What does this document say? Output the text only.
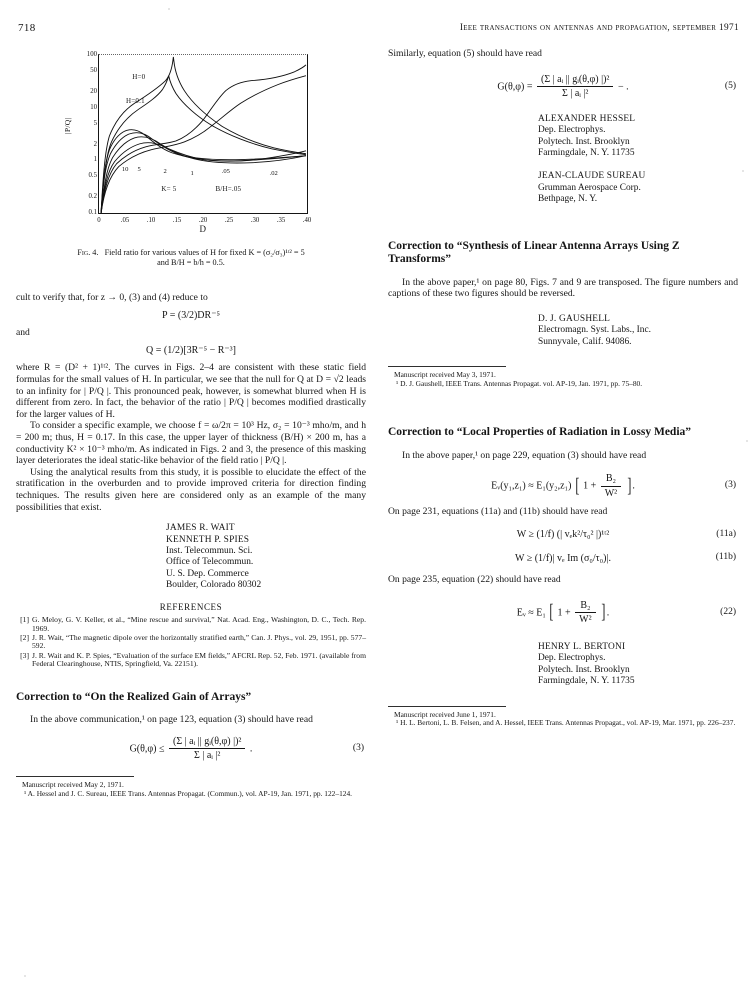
718	ieee transactions on antennas and propagation, september 1971
100
50
20
10
5
2
1
0.5
0.2
0.1
0	.05	.10	.15	.20	.25	.30	.35	.40
H=0
H=0.1
K= 5	B/H=.05
10 5	2	1	.05	.02
D
|P/Q|
Fig. 4. Field ratio for various values of H for fixed K = (σ₂/σ₃)¹ᵗ² = 5
and B/H = b/h = 0.5.

cult to verify that, for z → 0, (3) and (4) reduce to

P = (3/2)DR⁻⁵

and

Q = (1/2)[3R⁻⁵ − R⁻³]

where R = (D² + 1)¹ᵗ². The curves in Figs. 2–4 are consistent with these static field formulas for the small values of H. In particular, we see that the null for Q at D = √2 leads to an infinity for | P/Q |. This pronounced peak, however, is somewhat blurred when H is different from zero. In fact, the behavior of the ratio | P/Q | becomes modified drastically for the larger values of H.

To consider a specific example, we choose f = ω/2π = 10³ Hz, σ₂ = 10⁻³ mho/m, and h = 200 m; thus, H = 0.17. In this case, the upper layer of thickness (B/H) × 200 m, has a conductivity K² × 10⁻³ mho/m. As indicated in Figs. 2 and 3, the presence of this masking layer deteriorates the ideal static-like behavior of the field ratio | P/Q |.

Using the analytical results from this study, it is possible to elucidate the effect of the stratification in the overburden and to provide improved criteria for direction finding techniques. The results given here are considered only as an example of the many possibilities that exist.

JAMES R. WAIT
KENNETH P. SPIES
Inst. Telecommun. Sci.
Office of Telecommun.
U. S. Dep. Commerce
Boulder, Colorado 80302
REFERENCES
[1] G. Meloy, G. V. Keller, et al., “Mine rescue and survival,” Nat. Acad. Eng., Washington, D. C., Tech. Rep. 1969.
[2] J. R. Wait, “The magnetic dipole over the horizontally stratified earth,” Can. J. Phys., vol. 29, 1951, pp. 577–592.
[3] J. R. Wait and K. P. Spies, “Evaluation of the surface EM fields,” AFCRL Rep. 52, Feb. 1971. (available from Federal Clearinghouse, NTIS, Springfield, Va. 22151).
Correction to “On the Realized Gain of Arrays”

In the above communication,¹ on page 123, equation (3) should have read

$G(\theta,\varphi) \le \frac{\text{(Σ | aᵢ || gᵢ(θ,φ) |)²}}{\text{Σ | aᵢ |²}}$ .	(3)
Manuscript received May 2, 1971.
¹ A. Hessel and J. C. Sureau, IEEE Trans. Antennas Propagat. (Commun.), vol. AP-19, Jan. 1971, pp. 122–124.

Similarly, equation (5) should have read

$G(\theta,\varphi) = \frac{\text{(Σ | aᵢ || gᵢ(θ,φ) |)²}}{\text{Σ | aᵢ |²}}$ − .	(5)
ALEXANDER HESSEL
Dep. Electrophys.
Polytech. Inst. Brooklyn
Farmingdale, N. Y. 11735
JEAN-CLAUDE SUREAU
Grumman Aerospace Corp.
Bethpage, N. Y.
Correction to “Synthesis of Linear Antenna Arrays Using Z Transforms”

In the above paper,¹ on page 80, Figs. 7 and 9 are transposed. The figure numbers and captions of these two figures should be reversed.

D. J. GAUSHELL
Electromagn. Syst. Labs., Inc.
Sunnyvale, Calif. 94086.
Manuscript received May 3, 1971.
¹ D. J. Gaushell, IEEE Trans. Antennas Propagat. vol. AP-19, Jan. 1971, pp. 75–80.
Correction to “Local Properties of Radiation in Lossy Media”

In the above paper,¹ on page 229, equation (3) should have read

Eᵥ(y₁,z₁) ≈ E₁(y₂,z₁) [ $1 + \frac{\text{B₂}}{\text{W²}}$ ].	(3)

On page 231, equations (11a) and (11b) should have read

W ≥ (1/f) (| vₑk²/τ₀² |)¹ᵗ²	(11a)
W ≥ (1/f)| vₑ Im (σ₀/τ₀)|.	(11b)

On page 235, equation (22) should have read

Eᵥ ≈ E₁ [ $1 + \frac{\text{B₂}}{\text{W²}}$ ].	(22)
HENRY L. BERTONI
Dep. Electrophys.
Polytech. Inst. Brooklyn
Farmingdale, N. Y. 11735
Manuscript received June 1, 1971.
¹ H. L. Bertoni, L. B. Felsen, and A. Hessel, IEEE Trans. Antennas Propagat., vol. AP-19, Mar. 1971, pp. 226–237.
